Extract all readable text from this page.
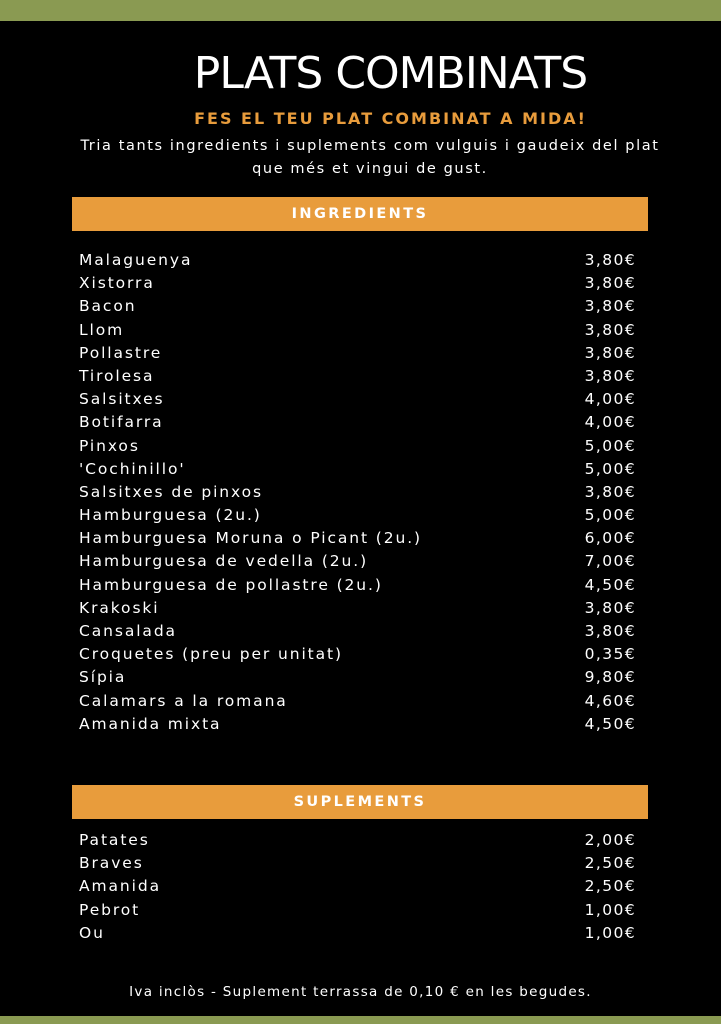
PLATS COMBINATS
FES EL TEU PLAT COMBINAT A MIDA!

Tria tants ingredients i suplements com vulguis i gaudeix del plat que més et vingui de gust.

INGREDIENTS
Malaguenya	3,80€
Xistorra	3,80€
Bacon	3,80€
Llom	3,80€
Pollastre	3,80€
Tirolesa	3,80€
Salsitxes	4,00€
Botifarra	4,00€
Pinxos	5,00€
'Cochinillo'	5,00€
Salsitxes de pinxos	3,80€
Hamburguesa (2u.)	5,00€
Hamburguesa Moruna o Picant (2u.)	6,00€
Hamburguesa de vedella (2u.)	7,00€
Hamburguesa de pollastre (2u.)	4,50€
Krakoski	3,80€
Cansalada	3,80€
Croquetes (preu per unitat)	0,35€
Sípia	9,80€
Calamars a la romana	4,60€
Amanida mixta	4,50€
SUPLEMENTS
Patates	2,00€
Braves	2,50€
Amanida	2,50€
Pebrot	1,00€
Ou	1,00€
Iva inclòs - Suplement terrassa de 0,10 € en les begudes.
